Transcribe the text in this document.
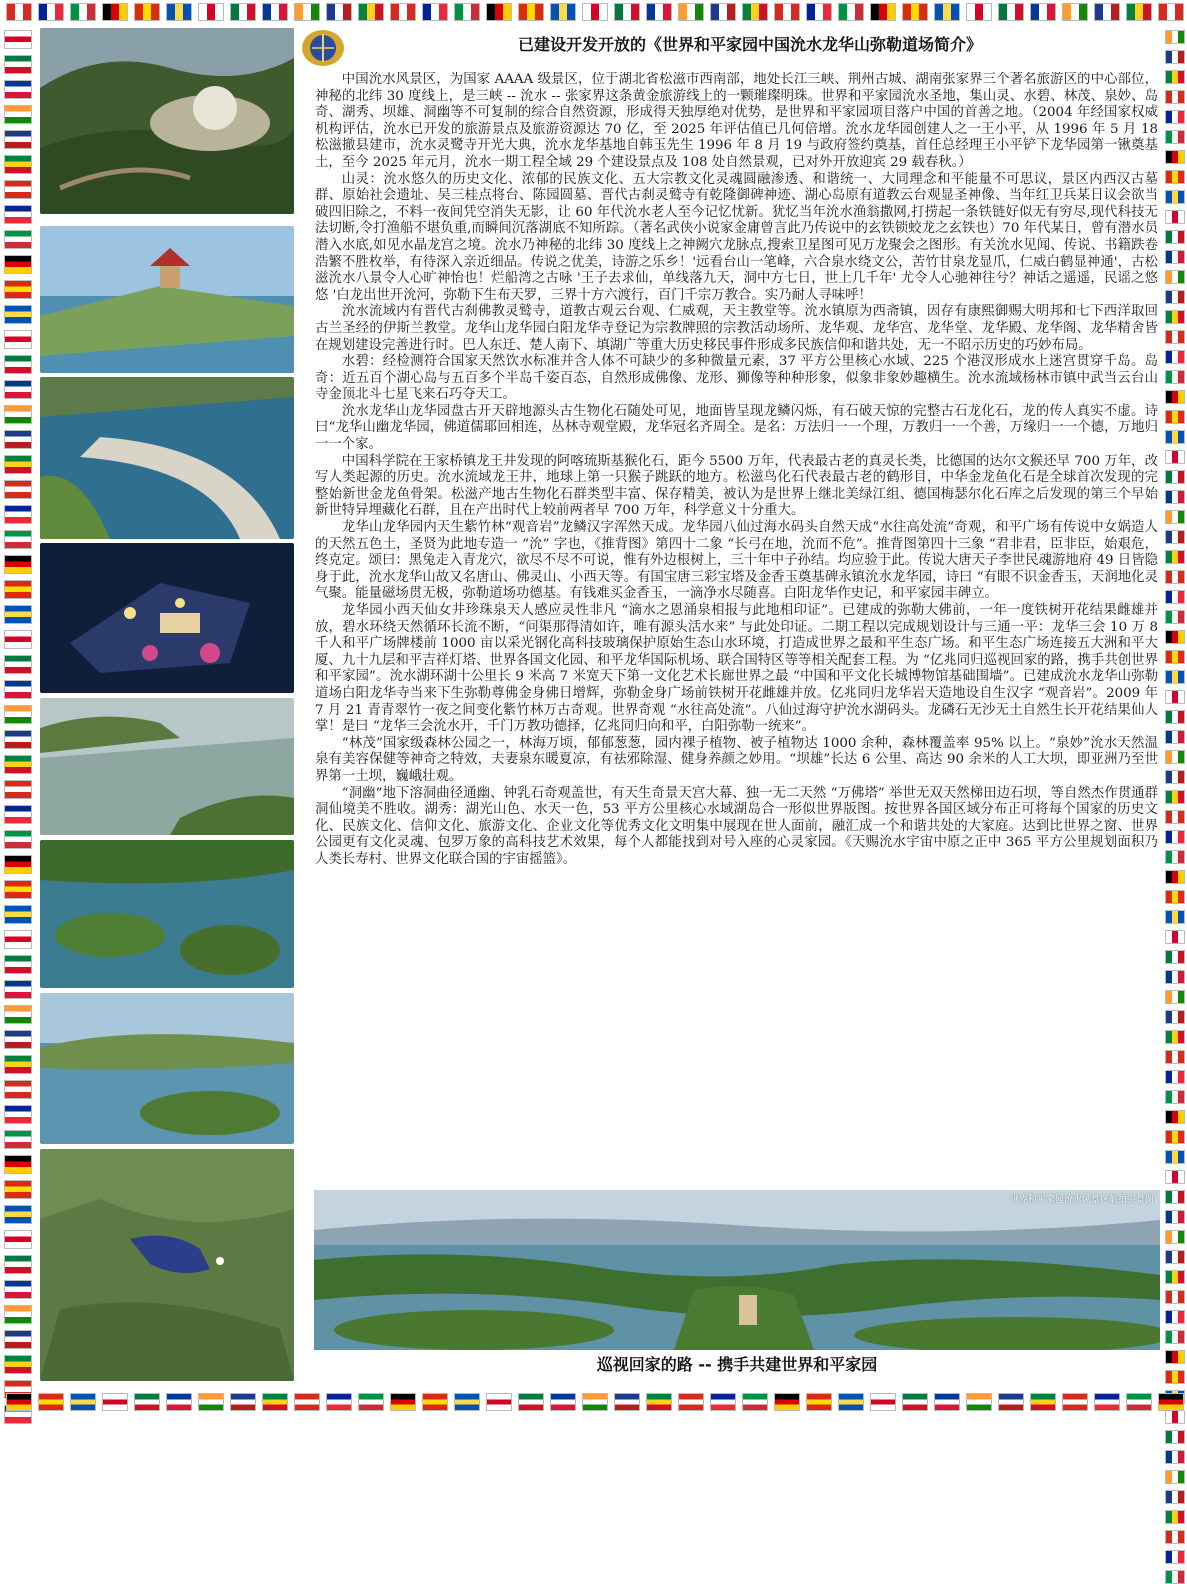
已建设开发开放的《世界和平家园中国沇水龙华山弥勒道场简介》

中国沇水风景区，为国家 AAAA 级景区，位于湖北省松滋市西南部，地处长江三峡、荆州古城、湖南张家界三个著名旅游区的中心部位，神秘的北纬 30 度线上，是三峡 -- 沇水 -- 张家界这条黄金旅游线上的一颗璀璨明珠。世界和平家园沇水圣地，集山灵、水碧、林茂、泉妙、岛奇、湖秀、坝雄、洞幽等不可复制的综合自然资源，形成得天独厚绝对优势，是世界和平家园项目落户中国的首善之地。（2004 年经国家权威机构评估，沇水已开发的旅游景点及旅游资源达 70 亿，至 2025 年评估值已几何倍增。沇水龙华园创建人之一王小平，从 1996 年 5 月 18 松滋撤县建市，沇水灵鹭寺开光大典，沇水龙华基地自韩玉先生 1996 年 8 月 19 与政府签约奠基，首任总经理王小平铲下龙华园第一锹奠基土，至今 2025 年元月，沇水一期工程全域 29 个建设景点及 108 处自然景观，已对外开放迎宾 29 载春秋。）

山灵：沇水悠久的历史文化、浓郁的民族文化、五大宗教文化灵魂圆融渗透、和谐统一、大同理念和平能量不可思议，景区内西汉古墓群、原始社会遗址、吴三桂点将台、陈园圆墓、晋代古刹灵鹫寺有乾隆御碑神迹、湖心岛原有道教云台观显圣神像、当年红卫兵某日议会欲当破四旧除之，不料一夜间凭空消失无影，让 60 年代沇水老人至今记忆忧新。犹忆当年沇水渔翁撒网,打捞起一条铁链好似无有穷尽,现代科技无法切断,令打渔船不堪负重,而瞬间沉落湖底不知所踪。（著名武侠小说家金庸曾言此乃传说中的玄铁锁蛟龙之玄铁也）70 年代某日，曾有潜水员潜入水底,如见水晶龙宫之境。沇水乃神秘的北纬 30 度线上之神阙穴龙脉点,搜索卫星图可见万龙聚会之图形。有关沇水见闻、传说、书籍跌卷浩繁不胜枚举，有待深入亲近细品。传说之优美，诗游之乐乡！'远看台山一笔峰，六合泉水绕文公，苦竹甘泉龙显爪，仁威白鹤显神通'，古松滋沇水八景令人心旷神怡也！烂船湾之古咏 '王子去求仙，单线落九天，洞中方七日，世上几千年' 尤令人心驰神往兮？神话之遥遥，民谣之悠悠 '白龙出世开沇河，弥勒下生布天罗，三界十方六渡行，百门千宗万教合。实乃耐人寻味呼！

沇水流域内有晋代古刹佛教灵鹫寺，道教古观云台观、仁威观，天主教堂等。沇水镇原为西斋镇，因存有康熙御赐大明邦和七下西洋取回古兰圣经的伊斯兰教堂。龙华山龙华园白阳龙华寺登记为宗教牌照的宗教活动场所、龙华观、龙华宫、龙华堂、龙华殿、龙华阁、龙华精舍皆在规划建设完善进行时。巴人东迁、楚人南下、填湖广等重大历史移民事件形成多民族信仰和谐共处，无一不昭示历史的巧妙布局。

水碧：经检测符合国家天然饮水标准并含人体不可缺少的多种微量元素，37 平方公里核心水域、225 个港汊形成水上迷宫贯穿千岛。岛奇：近五百个湖心岛与五百多个半岛千姿百态，自然形成佛像、龙形、狮像等种种形象，似象非象妙趣横生。沇水流域杨林市镇中武当云台山寺金顶北斗七星飞来石巧夺天工。

沇水龙华山龙华园盘古开天辟地源头古生物化石随处可见，地面皆呈现龙鳞闪烁，有石破天惊的完整古石龙化石，龙的传人真实不虚。诗曰“龙华山幽龙华园，佛道儒耶回相连，丛林寺观堂殿，龙华冠名齐周全。是名：万法归一一个理，万教归一一个善，万缘归一一个德，万地归一一个家。

中国科学院在王家桥镇龙王井发现的阿喀琉斯基猴化石，距今 5500 万年，代表最古老的真灵长类，比德国的达尔文猴还早 700 万年，改写人类起源的历史。沇水流域龙王井，地球上第一只猴子跳跃的地方。松滋鸟化石代表最古老的鹤形目，中华金龙鱼化石是全球首次发现的完整始新世金龙鱼骨架。松滋产地古生物化石群类型丰富、保存精美，被认为是世界上继北美绿江组、德国梅瑟尔化石库之后发现的第三个早始新世特异埋藏化石群，且在产出时代上较前两者早 700 万年，科学意义十分重大。

龙华山龙华园内天生紫竹林“观音岩”龙鳞汉字浑然天成。龙华园八仙过海水码头自然天成“水往高处流”奇观，和平广场有传说中女娲造人的天然五色土，圣贤为此地专造一 “沇” 字也，《推背图》第四十二象 “长弓在地，沇而不危”。推背图第四十三象 “君非君，臣非臣，始艰危，终克定。颂曰：黑兔走入青龙穴，欲尽不尽不可说，惟有外边根树上，三十年中子孙结。均应验于此。传说大唐天子李世民魂游地府 49 日皆隐身于此，沇水龙华山故又名唐山、佛灵山、小西天等。有国宝唐三彩宝塔及金香玉奠基碑永镇沇水龙华园，诗曰 “有眼不识金香玉，天润地化灵气聚。能量磁场贯无极，弥勒道场功德基。有钱难买金香玉，一滴净水尽随喜。白阳龙华作史记，和平家园丰碑立。

龙华园小西天仙女井珍珠泉天人感应灵性非凡 “滴水之恩涌泉相报与此地相印证”。已建成的弥勒大佛前，一年一度铁树开花结果雌雄并放，碧水环绕天然循环长流不断，“问渠那得清如许，唯有源头活水来” 与此处印证。二期工程以完成规划设计与三通一平：龙华三会 10 万 8 千人和平广场牌楼前 1000 亩以采光钢化高科技玻璃保护原始生态山水环境，打造成世界之最和平生态广场。和平生态广场连接五大洲和平大厦、九十九层和平吉祥灯塔、世界各国文化园、和平龙华国际机场、联合国特区等等相关配套工程。为 “亿兆同归巡视回家的路，携手共创世界和平家园”。沇水湖环湖十公里长 9 米高 7 米宽天下第一文化艺术长廊世界之最 “中国和平文化长城博物馆基础围墙”。已建成沇水龙华山弥勒道场白阳龙华寺当来下生弥勒尊佛金身佛日增辉，弥勒金身广场前铁树开花雌雄并放。亿兆同归龙华岩天造地设自生汉字 “观音岩”。2009 年 7 月 21 青青翠竹一夜之间变化紫竹林万古奇观。世界奇观 “水往高处流”。八仙过海守护沇水湖码头。龙磷石无沙无土自然生长开花结果仙人掌！是曰 “龙华三会沇水开，千门万教功德择，亿兆同归向和平，白阳弥勒一统来”。

“林茂”国家级森林公园之一，林海万顷，郁郁葱葱，园内裸子植物、被子植物达 1000 余种，森林覆盖率 95% 以上。“泉妙”沇水天然温泉有美容保健等神奇之特效，夫妻泉东暖夏凉，有祛邪除湿、健身养颜之妙用。“坝雄”长达 6 公里、高达 90 余米的人工大坝，即亚洲乃至世界第一土坝，巍峨壮观。

“洞幽”地下溶洞曲径通幽、钟乳石奇观盖世，有天生奇景天宫大幕、独一无二天然 “万佛塔” 举世无双天然梯田边石坝，等自然杰作贯通群洞仙境美不胜收。湖秀：湖光山色、水天一色，53 平方公里核心水域湖岛合一形似世界版图。按世界各国区域分布正可将每个国家的历史文化、民族文化、信仰文化、旅游文化、企业文化等优秀文化文明集中展现在世人面前，融汇成一个和谐共处的大家庭。达到比世界之窗、世界公园更有文化灵魂、包罗万象的高科技艺术效果，每个人都能找到对号入座的心灵家园。《天赐沇水宇宙中原之正中 365 平方公里规划面积乃人类长寿村、世界文化联合国的宇宙摇篮》。

世界和平家园沇水风景区航拍实景图
巡视回家的路 -- 携手共建世界和平家园
